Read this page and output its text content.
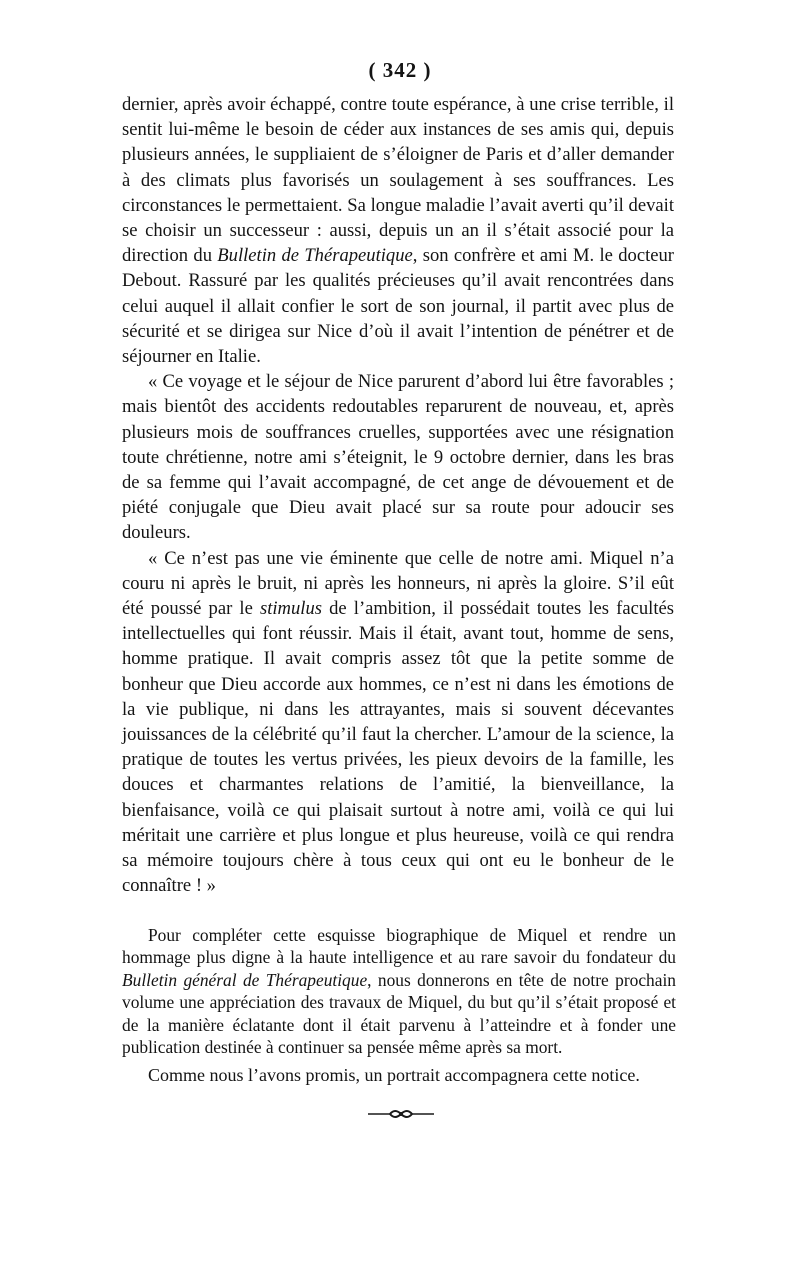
( 342 )

dernier, après avoir échappé, contre toute espérance, à une crise terrible, il sentit lui-même le besoin de céder aux instances de ses amis qui, depuis plusieurs années, le suppliaient de s’éloigner de Paris et d’aller demander à des climats plus favorisés un soulagement à ses souffrances. Les circonstances le permettaient. Sa longue maladie l’avait averti qu’il devait se choisir un successeur : aussi, depuis un an il s’était associé pour la direction du Bulletin de Thérapeutique, son confrère et ami M. le docteur Debout. Rassuré par les qualités précieuses qu’il avait rencontrées dans celui auquel il allait confier le sort de son journal, il partit avec plus de sécurité et se dirigea sur Nice d’où il avait l’intention de pénétrer et de séjourner en Italie.

« Ce voyage et le séjour de Nice parurent d’abord lui être favorables ; mais bientôt des accidents redoutables reparurent de nouveau, et, après plusieurs mois de souffrances cruelles, supportées avec une résignation toute chrétienne, notre ami s’éteignit, le 9 octobre dernier, dans les bras de sa femme qui l’avait accompagné, de cet ange de dévouement et de piété conjugale que Dieu avait placé sur sa route pour adoucir ses douleurs.

« Ce n’est pas une vie éminente que celle de notre ami. Miquel n’a couru ni après le bruit, ni après les honneurs, ni après la gloire. S’il eût été poussé par le stimulus de l’ambition, il possédait toutes les facultés intellectuelles qui font réussir. Mais il était, avant tout, homme de sens, homme pratique. Il avait compris assez tôt que la petite somme de bonheur que Dieu accorde aux hommes, ce n’est ni dans les émotions de la vie publique, ni dans les attrayantes, mais si souvent décevantes jouissances de la célébrité qu’il faut la chercher. L’amour de la science, la pratique de toutes les vertus privées, les pieux devoirs de la famille, les douces et charmantes relations de l’amitié, la bienveillance, la bienfaisance, voilà ce qui plaisait surtout à notre ami, voilà ce qui lui méritait une carrière et plus longue et plus heureuse, voilà ce qui rendra sa mémoire toujours chère à tous ceux qui ont eu le bonheur de le connaître ! »

Pour compléter cette esquisse biographique de Miquel et rendre un hommage plus digne à la haute intelligence et au rare savoir du fondateur du Bulletin général de Thérapeutique, nous donnerons en tête de notre prochain volume une appréciation des travaux de Miquel, du but qu’il s’était proposé et de la manière éclatante dont il était parvenu à l’atteindre et à fonder une publication destinée à continuer sa pensée même après sa mort.

Comme nous l’avons promis, un portrait accompagnera cette notice.
